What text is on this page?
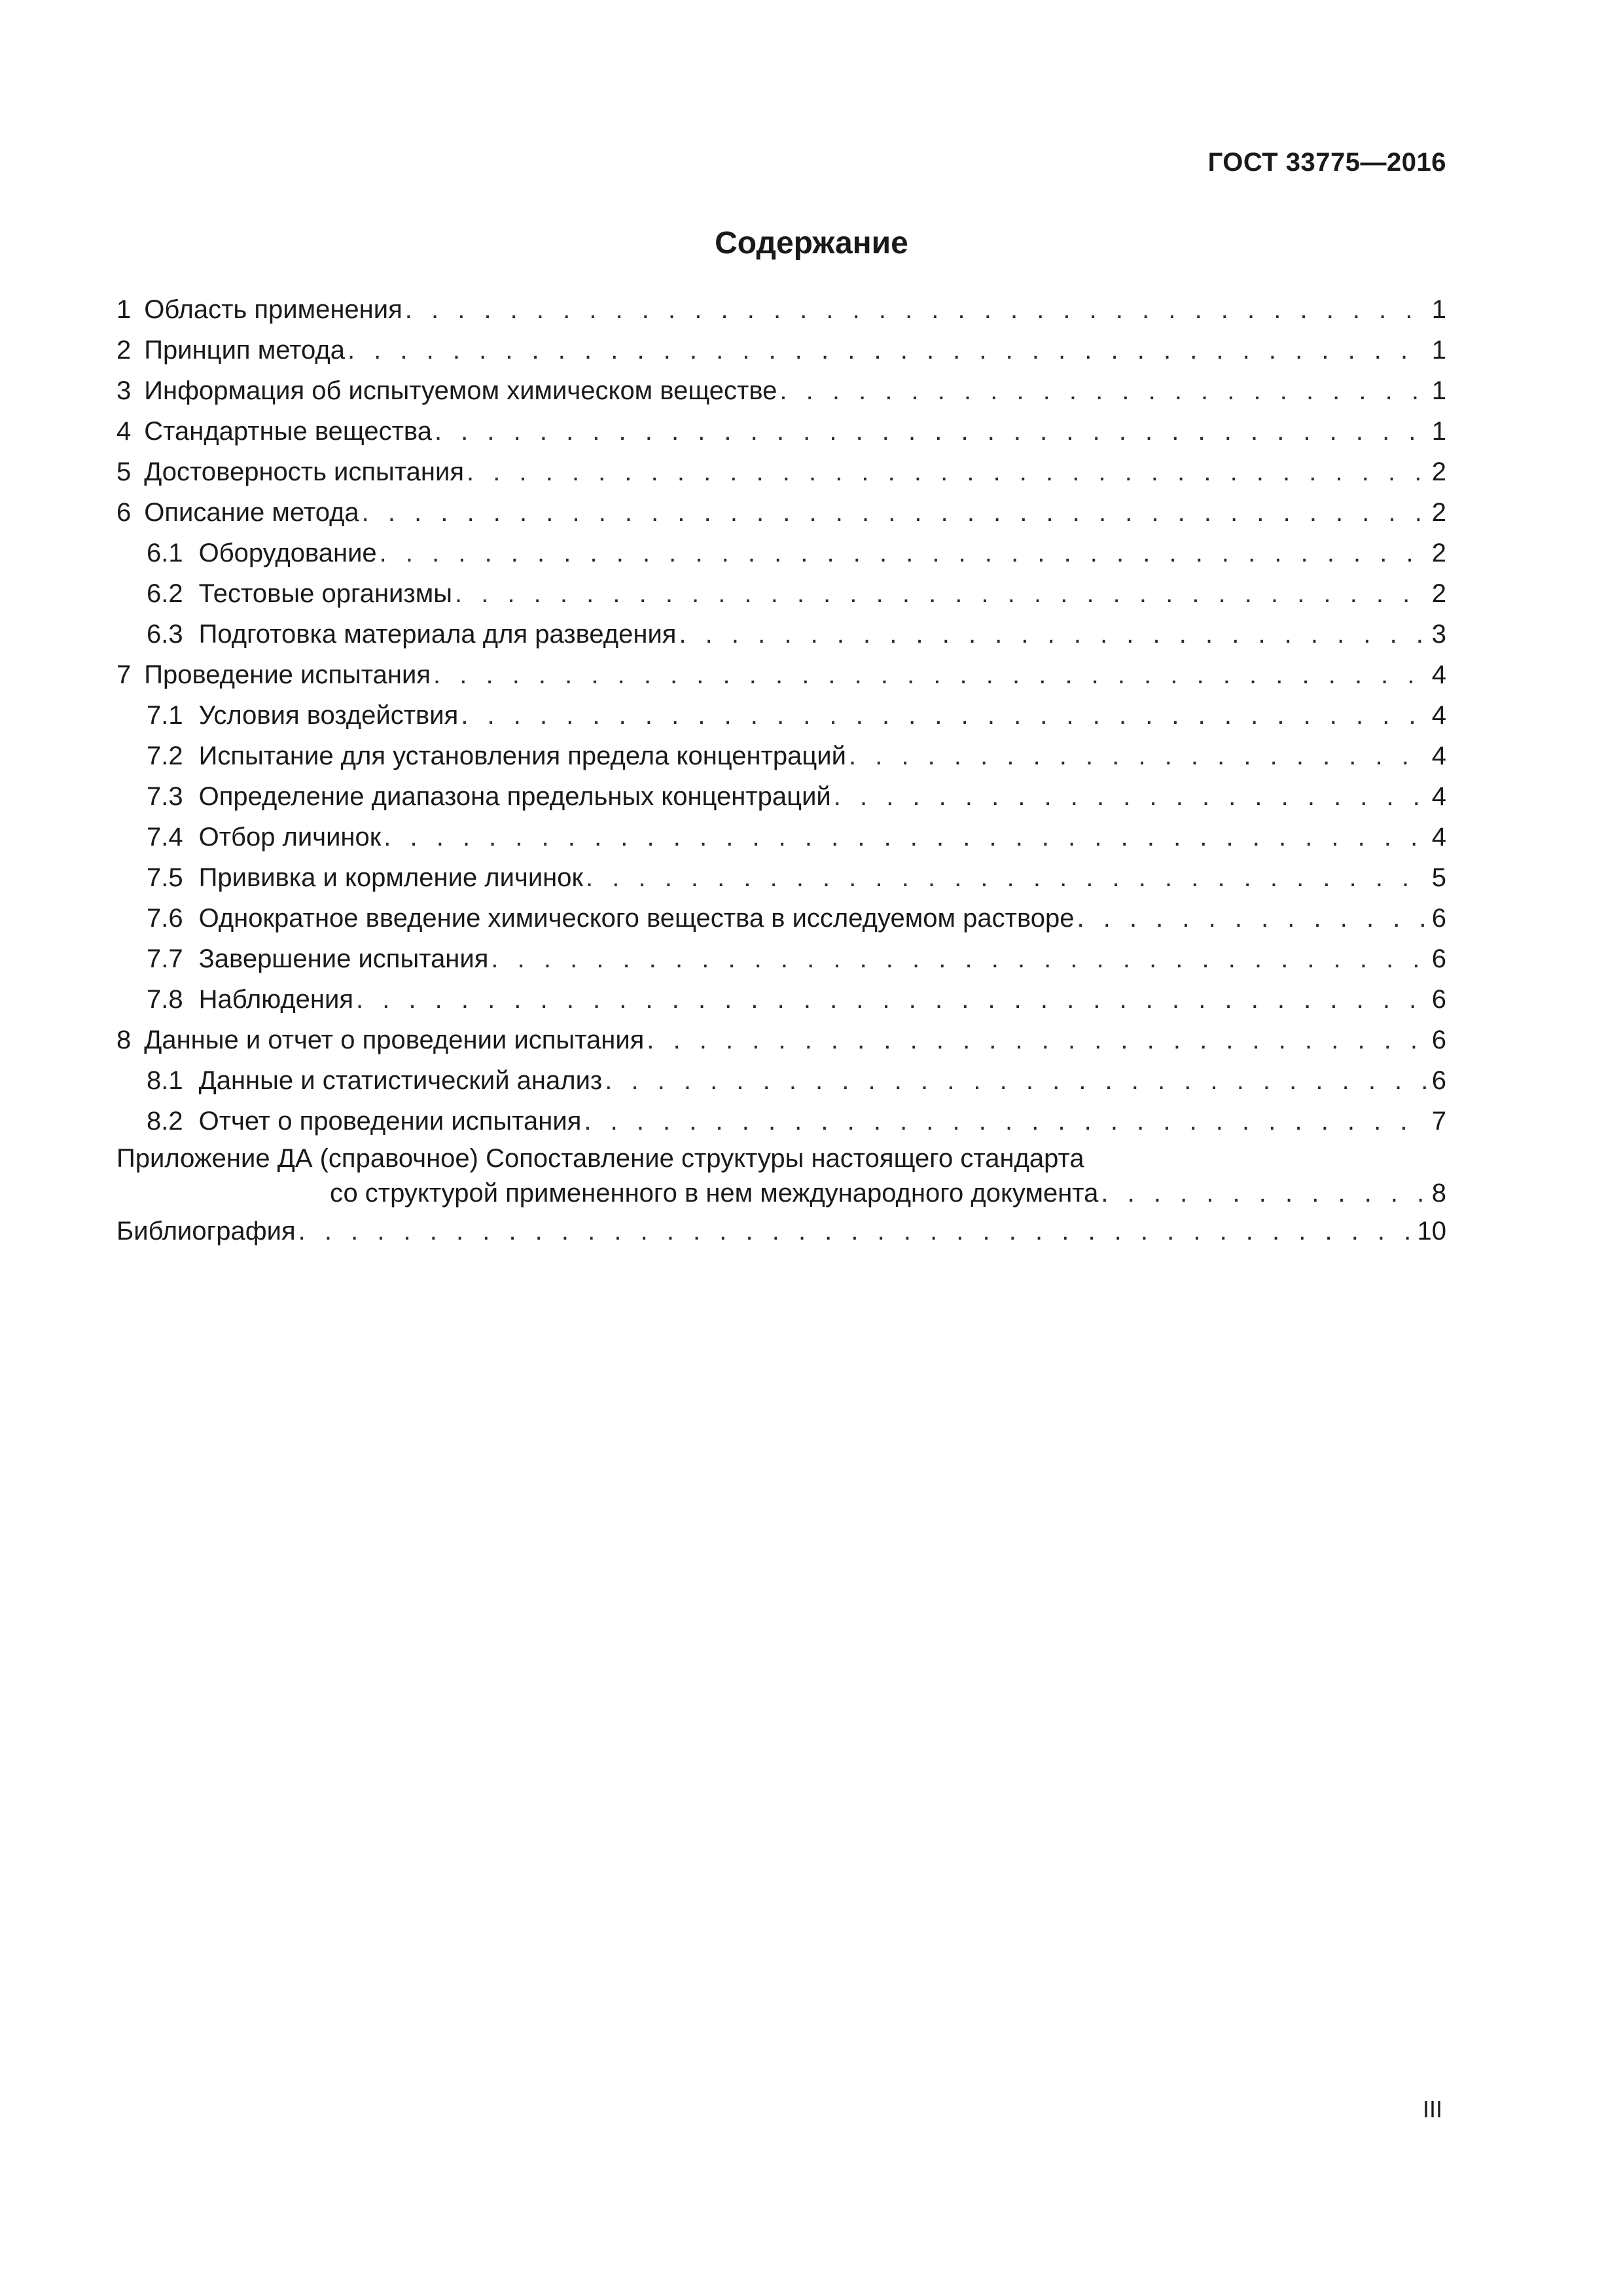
ГОСТ 33775—2016
Содержание
1 Область применения . . .	1
2 Принцип метода . . .	1
3 Информация об испытуемом химическом веществе . . .	1
4 Стандартные вещества . . .	1
5 Достоверность испытания . . .	2
6 Описание метода . . .	2
6.1 Оборудование . . .	2
6.2 Тестовые организмы . . .	2
6.3 Подготовка материала для разведения . . .	3
7 Проведение испытания . . .	4
7.1 Условия воздействия . . .	4
7.2 Испытание для установления предела концентраций . . .	4
7.3 Определение диапазона предельных концентраций . . .	4
7.4 Отбор личинок . . .	4
7.5 Прививка и кормление личинок . . .	5
7.6 Однократное введение химического вещества в исследуемом растворе . . .	6
7.7 Завершение испытания . . .	6
7.8 Наблюдения . . .	6
8 Данные и отчет о проведении испытания . . .	6
8.1 Данные и статистический анализ . . .	6
8.2 Отчет о проведении испытания . . .	7
Приложение ДА (справочное) Сопоставление структуры настоящего стандарта
со структурой примененного в нем международного документа . . .	8
Библиография . . .	10
III
